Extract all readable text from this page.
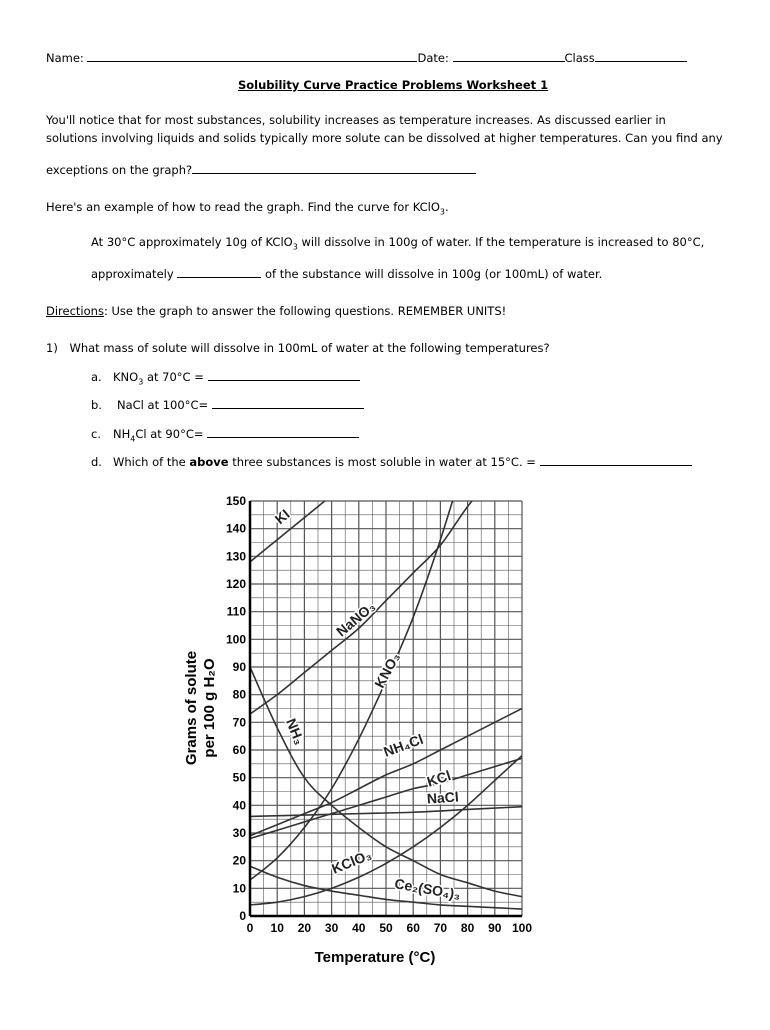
Name:	Date:	Class
Solubility Curve Practice Problems Worksheet 1
You'll notice that for most substances, solubility increases as temperature increases. As discussed earlier in
solutions involving liquids and solids typically more solute can be dissolved at higher temperatures. Can you find any
exceptions on the graph?
Here's an example of how to read the graph. Find the curve for KClO$_3$.
At 30°C approximately 10g of KClO$_3$ will dissolve in 100g of water. If the temperature is increased to 80°C,
approximately	of the substance will dissolve in 100g (or 100mL) of water.
Directions: Use the graph to answer the following questions. REMEMBER UNITS!
1) What mass of solute will dissolve in 100mL of water at the following temperatures?
a. $KNO_3$ at 70°C =
b. NaCl at 100°C=
c. $NH_4Cl$ at 90°C=
d. Which of the above three substances is most soluble in water at 15°C. =
0 10 20 30 40 50 60 70 80 90 100
0
10
20
30
40
50
60
70
80
90
100
110
120
130
140
150
KI
NaNO₃
KNO₃
NH₃	NH₄Cl
KCl
NaCl
KClO₃
Ce₂(SO₄)₃
Temperature (°C)
Grams of solute per 100 g H₂O
